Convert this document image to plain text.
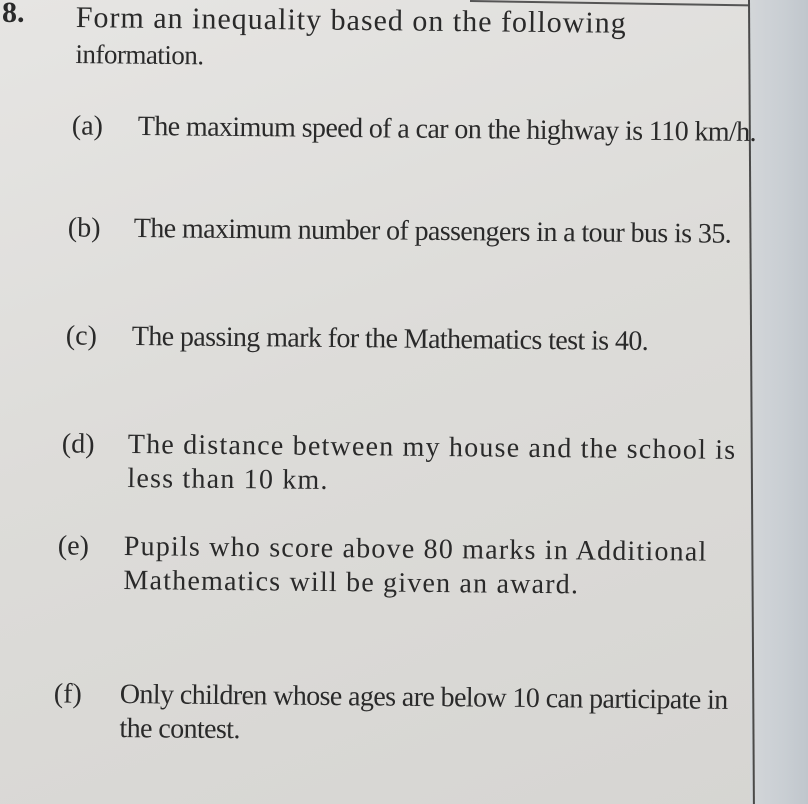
8. Form an inequality based on the following
information.
(a) The maximum speed of a car on the highway is 110 km/h.
(b) The maximum number of passengers in a tour bus is 35.
(c) The passing mark for the Mathematics test is 40.
(d) The distance between my house and the school is less than 10 km.
(e) Pupils who score above 80 marks in Additional Mathematics will be given an award.
(f) Only children whose ages are below 10 can participate in the contest.
